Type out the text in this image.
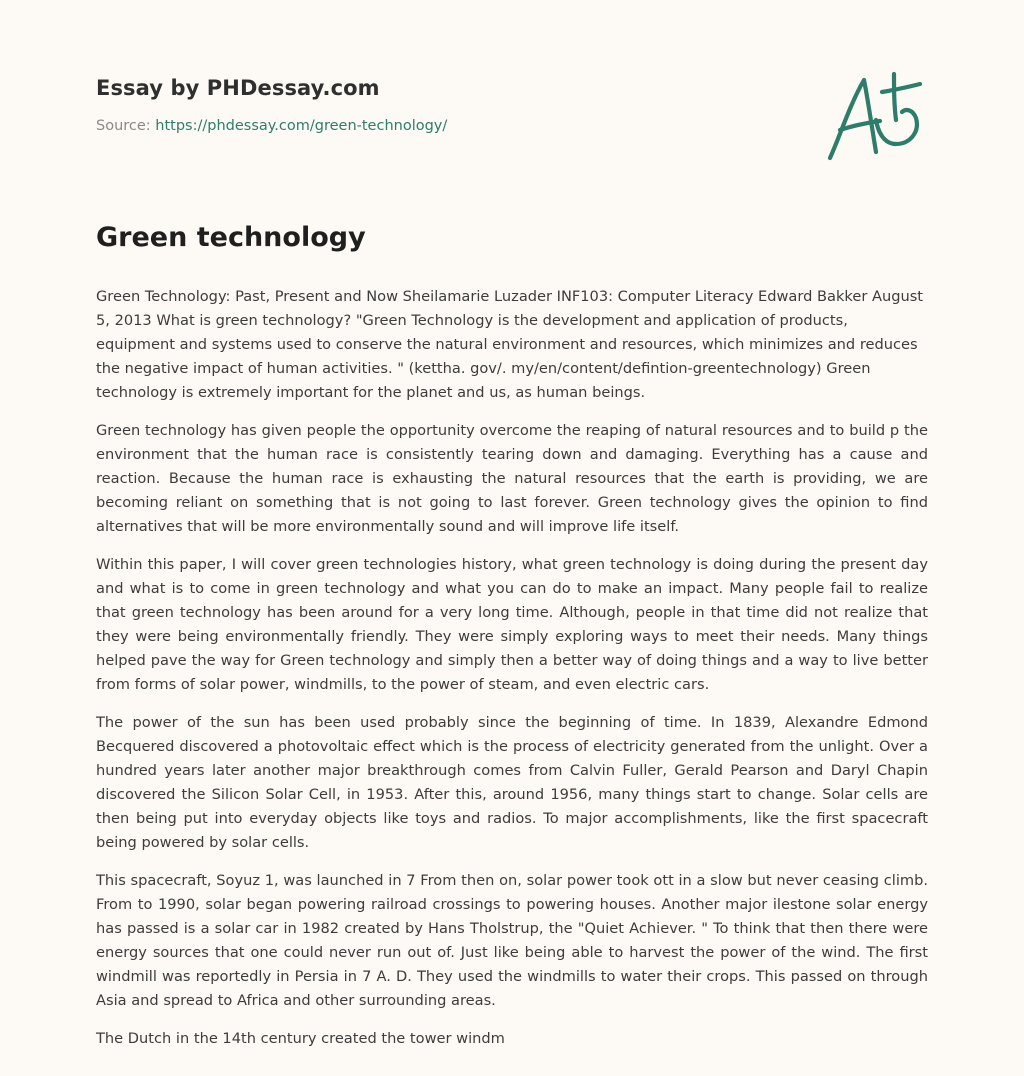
Essay by PHDessay.com
Source: https://phdessay.com/green-technology/
Green technology

Green Technology: Past, Present and Now Sheilamarie Luzader INF103: Computer Literacy Edward Bakker August 5, 2013 What is green technology? "Green Technology is the development and application of products, equipment and systems used to conserve the natural environment and resources, which minimizes and reduces the negative impact of human activities. " (kettha. gov/. my/en/content/defintion-greentechnology) Green technology is extremely important for the planet and us, as human beings.

Green technology has given people the opportunity overcome the reaping of natural resources and to build p the environment that the human race is consistently tearing down and damaging. Everything has a cause and reaction. Because the human race is exhausting the natural resources that the earth is providing, we are becoming reliant on something that is not going to last forever. Green technology gives the opinion to find alternatives that will be more environmentally sound and will improve life itself.

Within this paper, I will cover green technologies history, what green technology is doing during the present day and what is to come in green technology and what you can do to make an impact. Many people fail to realize that green technology has been around for a very long time. Although, people in that time did not realize that they were being environmentally friendly. They were simply exploring ways to meet their needs. Many things helped pave the way for Green technology and simply then a better way of doing things and a way to live better from forms of solar power, windmills, to the power of steam, and even electric cars.

The power of the sun has been used probably since the beginning of time. In 1839, Alexandre Edmond Becquered discovered a photovoltaic effect which is the process of electricity generated from the unlight. Over a hundred years later another major breakthrough comes from Calvin Fuller, Gerald Pearson and Daryl Chapin discovered the Silicon Solar Cell, in 1953. After this, around 1956, many things start to change. Solar cells are then being put into everyday objects like toys and radios. To major accomplishments, like the first spacecraft being powered by solar cells.

This spacecraft, Soyuz 1, was launched in 7 From then on, solar power took ott in a slow but never ceasing climb. From to 1990, solar began powering railroad crossings to powering houses. Another major ilestone solar energy has passed is a solar car in 1982 created by Hans Tholstrup, the "Quiet Achiever. " To think that then there were energy sources that one could never run out of. Just like being able to harvest the power of the wind. The first windmill was reportedly in Persia in 7 A. D. They used the windmills to water their crops. This passed on through Asia and spread to Africa and other surrounding areas.

The Dutch in the 14th century created the tower windm
